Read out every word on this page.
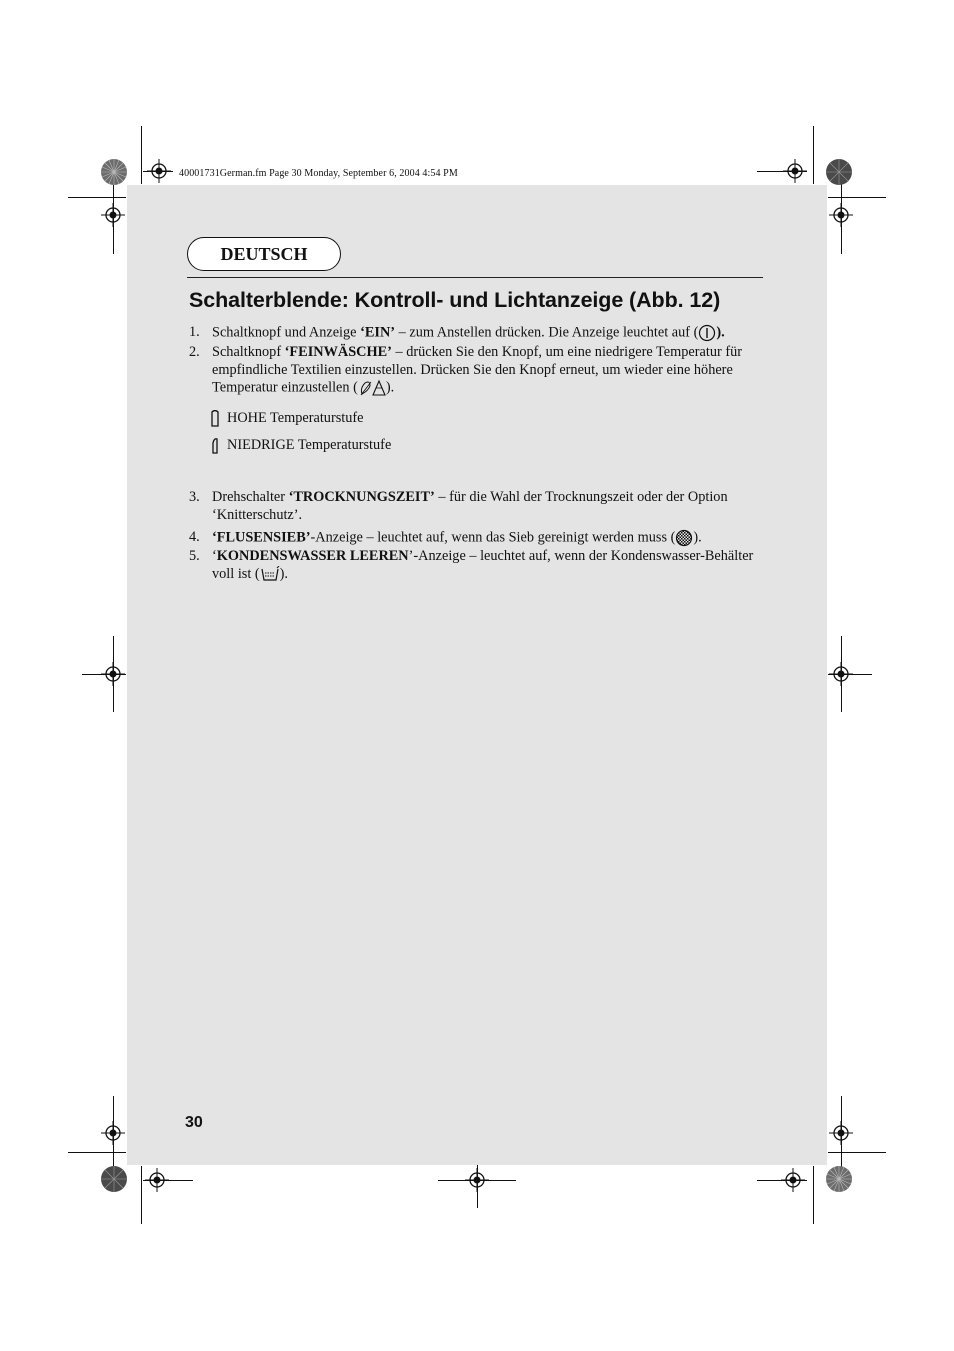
40001731German.fm Page 30 Monday, September 6, 2004 4:54 PM
DEUTSCH
Schalterblende: Kontroll- und Lichtanzeige (Abb. 12)
1. Schaltknopf und Anzeige ‘EIN’ – zum Anstellen drücken. Die Anzeige leuchtet auf ( ).
2. Schaltknopf ‘FEINWÄSCHE’ – drücken Sie den Knopf, um eine niedrigere Temperatur für empfindliche Textilien einzustellen. Drücken Sie den Knopf erneut, um wieder eine höhere Temperatur einzustellen ( ).
HOHE Temperaturstufe
NIEDRIGE Temperaturstufe
3. Drehschalter ‘TROCKNUNGSZEIT’ – für die Wahl der Trocknungszeit oder der Option ‘Knitterschutz’.
4. ‘FLUSENSIEB’-Anzeige – leuchtet auf, wenn das Sieb gereinigt werden muss ( ).
5. ‘KONDENSWASSER LEEREN’-Anzeige – leuchtet auf, wenn der Kondenswasser-Behälter voll ist ( ).
30
